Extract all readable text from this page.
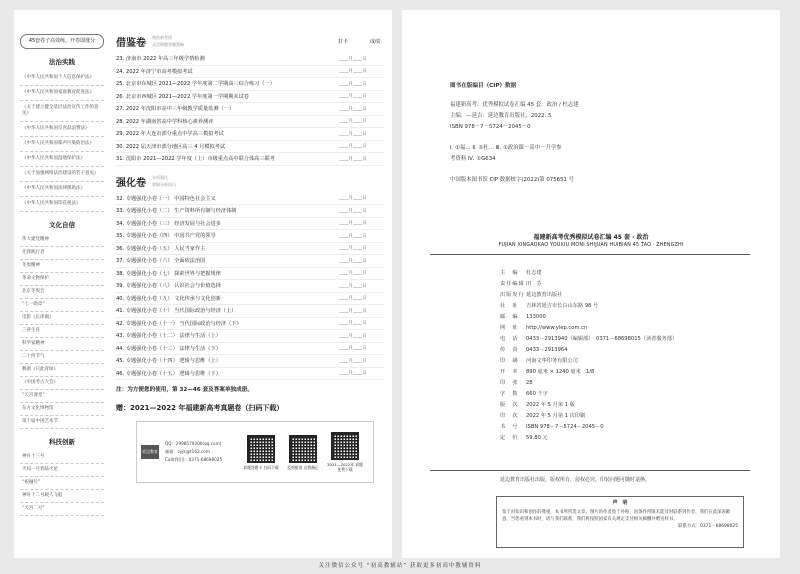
45套卷子高效练，开卷即涨分
法治实践
《中华人民共和国个人信息保护法》
《中华人民共和国家庭教育促进法》
《关于建立健全基层法治宣传工作的意见》
《中华人民共和国反食品浪费法》
《中华人民共和国噪声污染防治法》
《中华人民共和国湿地保护法》
《关于加强网络法治建设的若干意见》
《中华人民共和国法律援助法》
《中华人民共和国印花税法》
文化自信
伟大建党精神
先锋践行者
冬奥精神
革命文物保护
北京冬奥会
“七一勋章”
电影《长津湖》
三孩生育
科学家精神
二十四节气
舞剧《只此青绿》
《中国考古大会》
“天宫课堂”
东方文化博物馆
第十届中国艺术节
科技创新
神舟十三号
天问一号着陆火星
“祝融号”
神舟十二号载人飞船
“天宫二号”
借鉴卷
聚焦新考情
灵活调整答题策略	打卡	成绩
23. 济南市 2022 年高三年级学情检测	____月____日
24. 2022 年济宁市高考模拟考试	____月____日
25. 北京市东城区 2021—2022 学年度第二学期高三综合练习（一）	____月____日
26. 北京市西城区 2021—2022 学年度第一学期期末试卷	____月____日
27. 2022 年沈阳市高中三年级教学质量监测（一）	____月____日
28. 2022 年湖南省高中学科核心素养测评	____月____日
29. 2022 年大连市部分重点中学高三模拟考试	____月____日
30. 2022 届天津市部分地区高三 4 月模拟考试	____月____日
31. 沈阳市 2021—2022 学年度（上）市级重点高中联合体高三联考	____月____日
强化卷
专项强化
掌握分析技巧
32. 专题强化小卷（一） 中国特色社会主义	____月____日
33. 专题强化小卷（二） 生产资料所有制与经济体制	____月____日
34. 专题强化小卷（三） 经济发展与社会进步	____月____日
35. 专题强化小卷（四） 中国共产党的领导	____月____日
36. 专题强化小卷（五） 人民当家作主	____月____日
37. 专题强化小卷（六） 全面依法治国	____月____日
38. 专题强化小卷（七） 探索世界与把握规律	____月____日
39. 专题强化小卷（八） 认识社会与价值选择	____月____日
40. 专题强化小卷（九） 文化传承与文化创新	____月____日
41. 专题强化小卷（十） 当代国际政治与经济（上）	____月____日
42. 专题强化小卷（十一） 当代国际政治与经济（下）	____月____日
43. 专题强化小卷（十二） 法律与生活（上）	____月____日
44. 专题强化小卷（十三） 法律与生活（下）	____月____日
45. 专题强化小卷（十四） 逻辑与思维（上）	____月____日
46. 专题强化小卷（十五） 逻辑与思维（下）	____月____日
注：为方便您的使用，第 32—46 套及答案单独成册。
赠：2021—2022 年福建新高考真题卷（扫码下载）
延边教育
QQ：2998579300(qq.com)
邮箱：zyjk@t163.com
Call(我们)：0371-68698025
真题答题卡 扫码下载 反馈错误 自我修正 2021—2022年 真题免费下载
图书在版编目（CIP）数据

福建新高考．优秀模拟试卷汇编 45 套．政治 / 杜志建

主编．—延吉：延边教育出版社，2022. 5

ISBN 978－7－5724－2045－0

Ⅰ. ①福… Ⅱ. ①杜… Ⅲ. ①政治课－高中－升学参

考资料 Ⅳ. ①G634

中国版本图书馆 CIP 数据核字(2022)第 075651 号

福建新高考优秀模拟试卷汇编 45 套 · 政治
FUJIAN XINGAOKAO YOUXIU MONI SHIJUAN HUIBIAN 45 TAO · ZHENGZHI
主　编	杜志建
责任编辑 田　芬
出版发行 延边教育出版社
社　址	吉林省延吉市长白山东路 98 号
邮　编	133000
网　址	http://www.ylep.com.cn
电　话	0433－2913940（编辑部）　0371－68698015（读者服务部）
传　真	0433－2913964
印　刷	河南文华印务有限公司
开　本	890 毫米 × 1240 毫米　1/8
印　张	28
字　数	660 千字
版　次	2022 年 5 月第 1 版
印　次	2022 年 5 月第 1 次印刷
书　号	ISBN 978－7－5724－2045－0
定　价	59.80 元
延边教育出版社出版，版权所有，侵权必究。印装问题可随时退换。
声　明
鉴于对知识和创作的尊重，本书所所选文章、图片的作者致于补贴，因条件所限未能及时联系到作者，我们在此深表歉意，当您看到本书时，请与我们联系，我们将按照国家有关规定支付相关稿酬并赠送样书。
联系方式：0371－68698025
关注微信公众号 “初高教辅站” 获取更多初高中教辅资料
